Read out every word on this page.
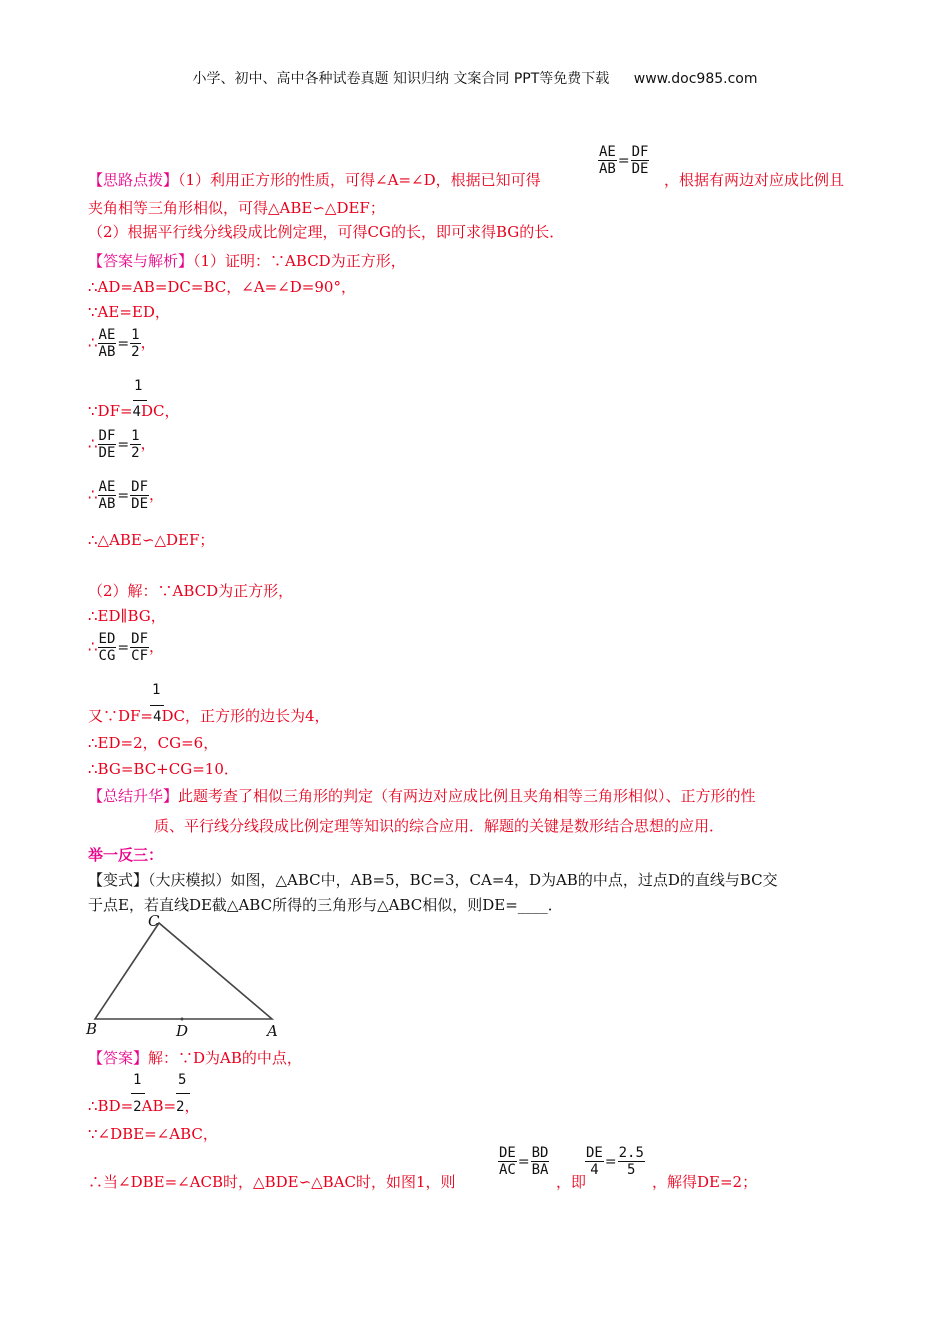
小学、初中、高中各种试卷真题 知识归纳 文案合同 PPT等免费下载 www.doc985.com
【思路点拨】（1）利用正方形的性质，可得∠A=∠D，根据已知可得
$\frac{AE}{AB} = \frac{DF}{DE}$
，根据有两边对应成比例且
夹角相等三角形相似，可得△ABE∽△DEF；
（2）根据平行线分线段成比例定理，可得CG的长，即可求得BG的长．
【答案与解析】（1）证明：∵ABCD为正方形，
∴AD=AB=DC=BC，∠A=∠D=90°，
∵AE=ED，
∴ $\frac{AE}{AB} = \frac{1}{2}$ ，
1
∵DF=4DC，
∴ $\frac{DF}{DE} = \frac{1}{2}$ ，
∴ $\frac{AE}{AB} = \frac{DF}{DE}$ ，
∴△ABE∽△DEF；
（2）解：∵ABCD为正方形，
∴ED∥BG，
∴ $\frac{ED}{CG} = \frac{DF}{CF}$ ，
1
又∵DF=4DC，正方形的边长为4，
∴ED=2，CG=6，
∴BG=BC+CG=10．
【总结升华】此题考查了相似三角形的判定（有两边对应成比例且夹角相等三角形相似）、正方形的性
质、平行线分线段成比例定理等知识的综合应用．解题的关键是数形结合思想的应用．
举一反三：
【变式】（大庆模拟）如图，△ABC中，AB=5，BC=3，CA=4，D为AB的中点，过点D的直线与BC交
于点E，若直线DE截△ABC所得的三角形与△ABC相似，则DE=____．
C
B	D	A
【答案】解：∵D为AB的中点，
1	5
∴BD=2AB=2，
∵∠DBE=∠ABC，
∴当∠DBE=∠ACB时，△BDE∽△BAC时，如图1，则
$\frac{DE}{AC} = \frac{BD}{BA}$
，即
$\frac{DE}{4} = \frac{2.5}{5}$
，解得DE=2；
